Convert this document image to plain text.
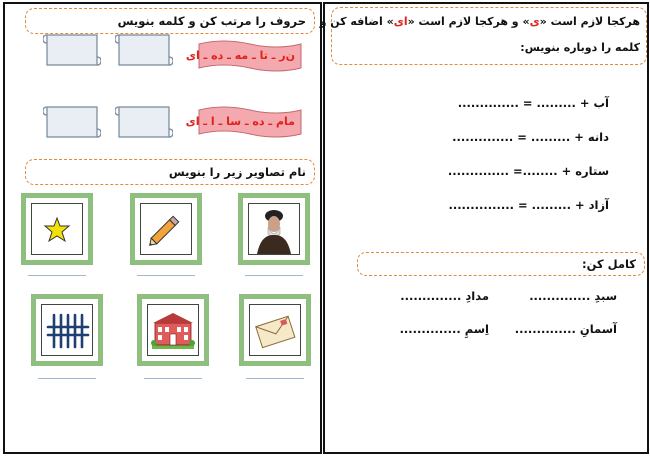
حروف را مرتب کن و کلمه بنویس
ن‌ر ـ تا ـ مه ـ ده ـ ای
مام ـ ده ـ سا ـ ا ـ ای
نام تصاویر زیر را بنویس
هرکجا لازم است «ی» و هرکجا لازم است «ای» اضافه کن و
کلمه را دوباره بنویس:
آب + ......... = ..............
دانه + ......... = ..............
ستاره + ........= ..............
آزاد + ......... = ...............
کامل کن:
سبدِ ..............
مدادِ ..............
آسمانِ ..............
اِسمِ ..............
